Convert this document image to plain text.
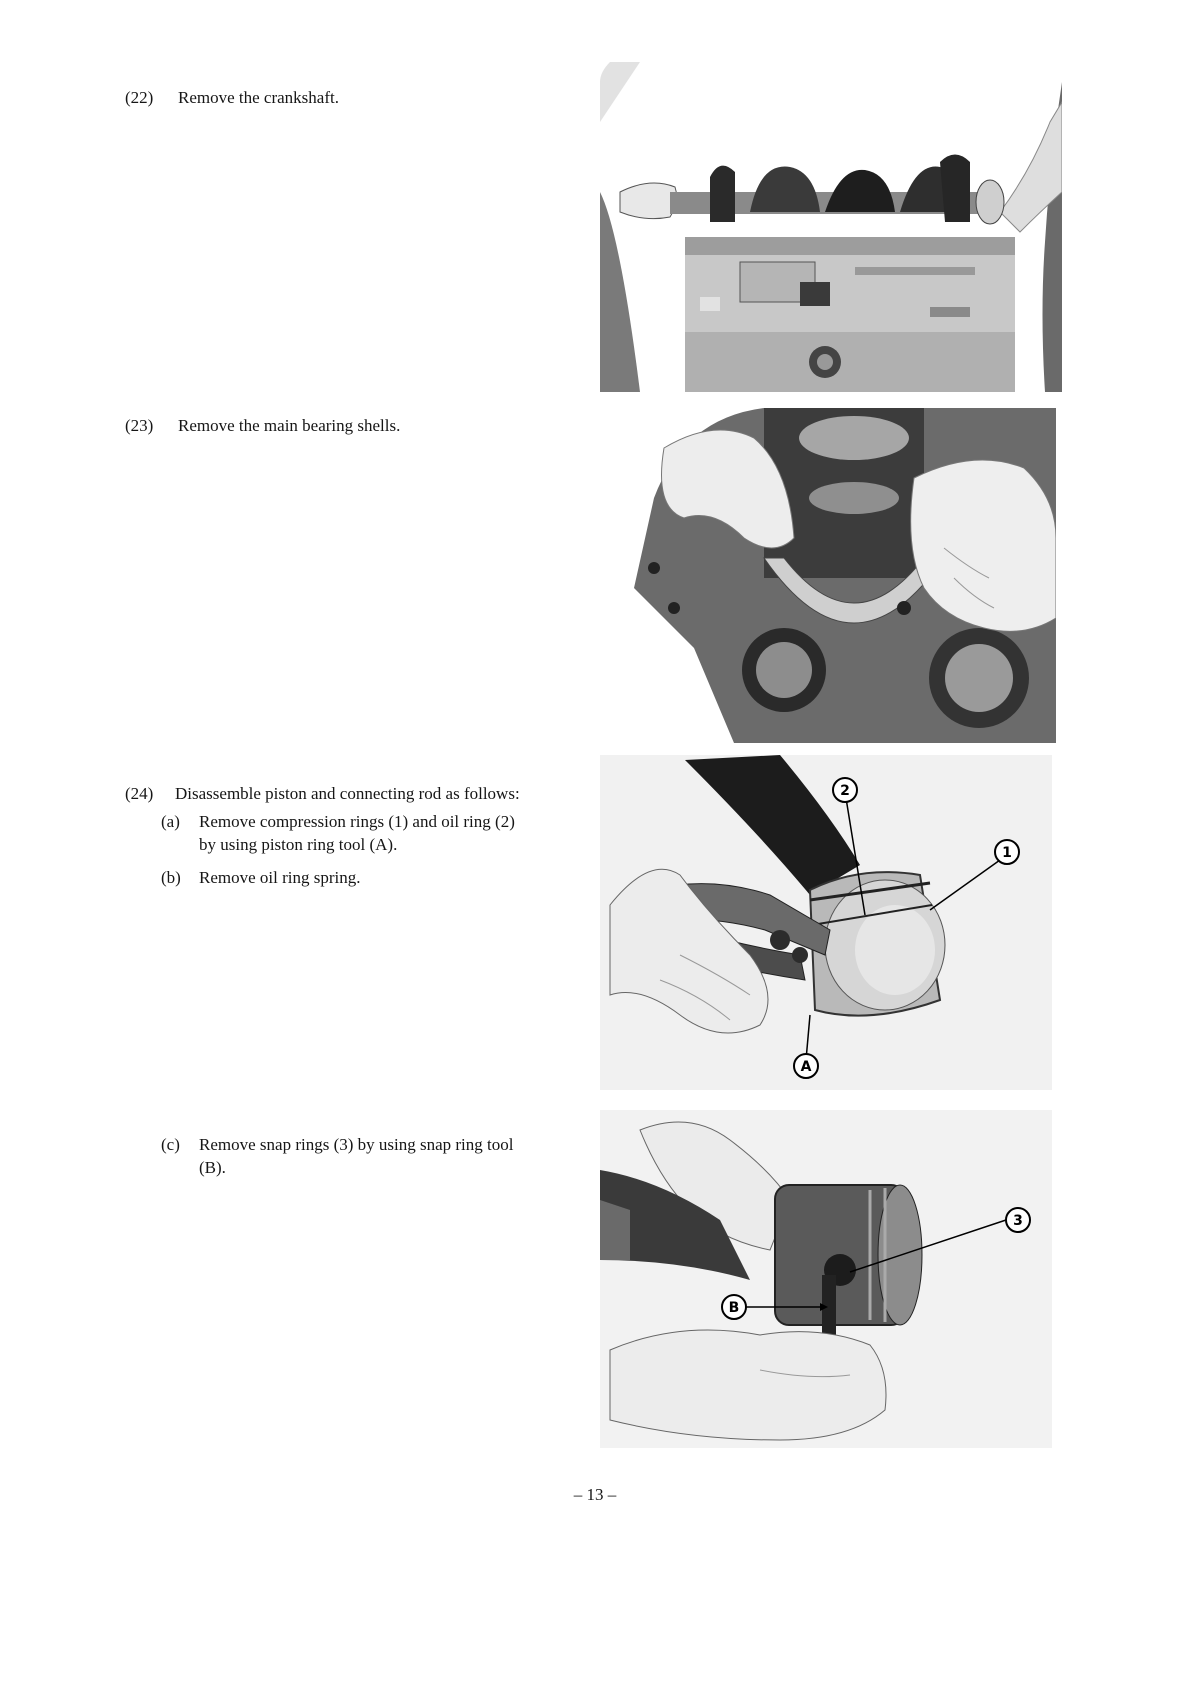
(22) Remove the crankshaft.
(23) Remove the main bearing shells.
(24) Disassemble piston and connecting rod as follows:
(a) Remove compression rings (1) and oil ring (2)
by using piston ring tool (A).
(b) Remove oil ring spring.
2
1
A
(c) Remove snap rings (3) by using snap ring tool
(B).
3
B
– 13 –
